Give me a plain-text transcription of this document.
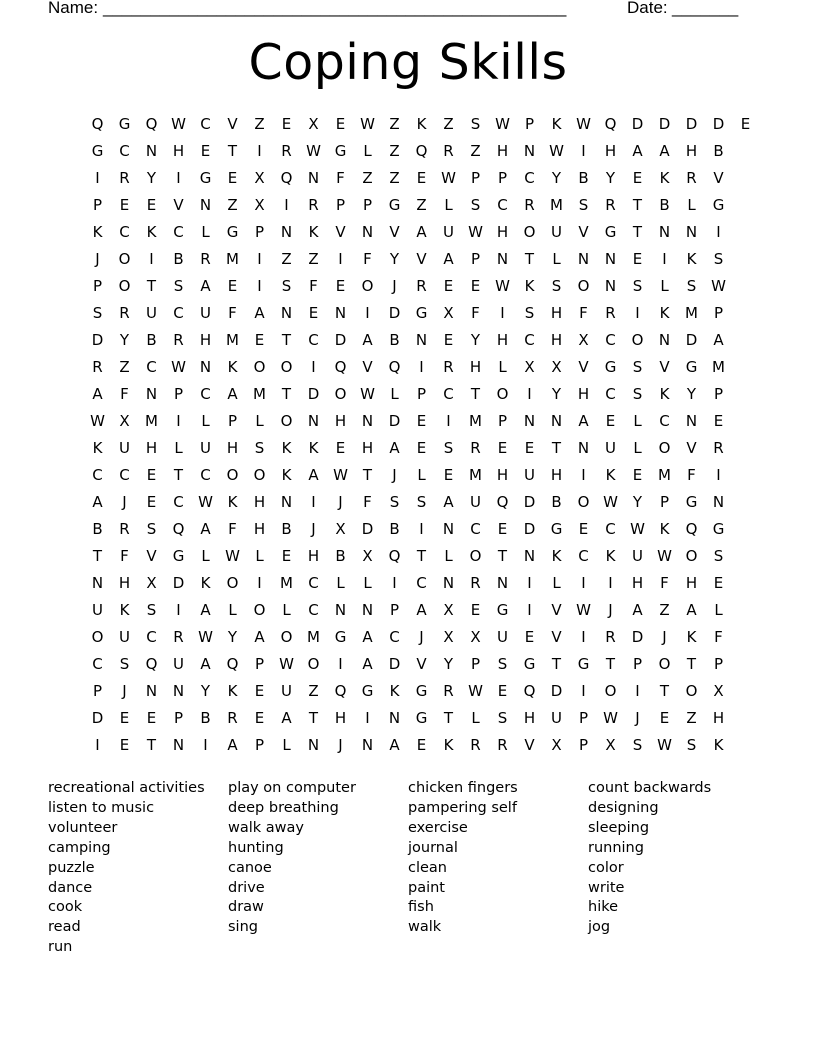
Name: _________________________________________________	Date: _______
Coping Skills
Q	G	Q W C	V	Z	E	X	E W Z	K	Z	S W	P	K W Q	D	D	D	D	E
G	C	N	H	E	T	I	R W G	L	Z	Q	R	Z	H	N W	I	H	A	A	H	B
I	R	Y	I	G	E	X	Q	N	F	Z	Z	E W	P	P	C	Y	B	Y	E	K	R	V
P	E	E	V	N	Z	X	I	R	P	P	G	Z	L	S	C	R	M	S	R	T	B	L	G
K	C	K	C	L	G	P	N	K	V	N	V	A	U W H	O	U	V	G	T	N	N	I
J	O	I	B	R	M	I	Z	Z	I	F	Y	V	A	P	N	T	L	N	N	E	I	K	S
P	O	T	S	A	E	I	S	F	E	O	J	R	E	E W K	S	O	N	S	L	S W
S	R	U	C	U	F	A	N	E	N	I	D	G	X	F	I	S	H	F	R	I	K	M	P
D	Y	B	R	H M	E	T	C	D	A	B	N	E	Y	H	C	H	X	C	O	N	D	A
R	Z	C W N	K	O	O	I	Q	V	Q	I	R	H	L	X	X	V	G	S	V	G M
A	F	N	P	C	A	M	T	D	O W	L	P	C	T	O	I	Y	H	C	S	K	Y	P
W X	M	I	L	P	L	O	N	H	N	D	E	I	M	P	N	N	A	E	L	C	N	E
K	U	H	L	U	H	S	K	K	E	H	A	E	S	R	E	E	T	N	U	L	O	V	R
C	C	E	T	C	O	O	K	A W T	J	L	E	M H	U	H	I	K	E	M	F	I
A	J	E	C W K	H	N	I	J	F	S	S	A	U	Q	D	B	O W Y	P	G	N
B	R	S	Q	A	F	H	B	J	X	D	B	I	N	C	E	D	G	E	C W K	Q	G
T	F	V	G	L	W	L	E	H	B	X	Q	T	L	O	T	N	K	C	K	U W O	S
N	H	X	D	K	O	I	M	C	L	L	I	C	N	R	N	I	L	I	I	H	F	H	E
U	K	S	I	A	L	O	L	C	N	N	P	A	X	E	G	I	V W	J	A	Z	A	L
O	U	C	R W Y	A	O M G	A	C	J	X	X	U	E	V	I	R	D	J	K	F
C	S	Q	U	A	Q	P	W O	I	A	D	V	Y	P	S	G	T	G	T	P	O	T	P
P	J	N	N	Y	K	E	U	Z	Q	G	K	G	R W E	Q	D	I	O	I	T	O	X
D	E	E	P	B	R	E	A	T	H	I	N	G	T	L	S	H	U	P	W	J	E	Z	H
I	E	T	N	I	A	P	L	N	J	N	A	E	K	R	R	V	X	P	X	S W S	K
recreational activities
listen to music
volunteer
camping
puzzle
dance
cook
read
run
play on computer
deep breathing
walk away
hunting
canoe
drive
draw
sing
chicken fingers
pampering self
exercise
journal
clean
paint
fish
walk
count backwards
designing
sleeping
running
color
write
hike
jog
